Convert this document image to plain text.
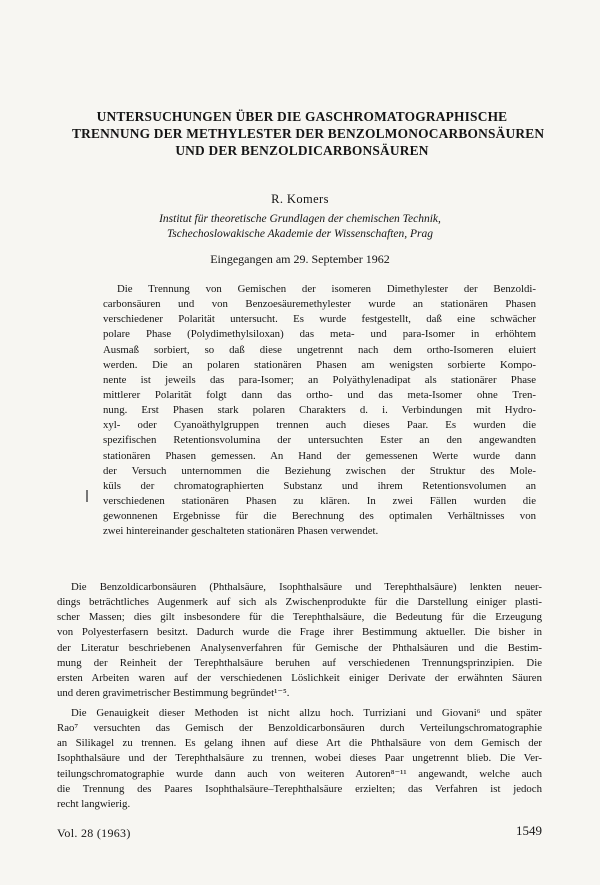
UNTERSUCHUNGEN ÜBER DIE GASCHROMATOGRAPHISCHE
TRENNUNG DER METHYLESTER DER BENZOLMONOCARBONSÄUREN
UND DER BENZOLDICARBONSÄUREN
R. Komers
Institut für theoretische Grundlagen der chemischen Technik,
Tschechoslowakische Akademie der Wissenschaften, Prag
Eingegangen am 29. September 1962
Die Trennung von Gemischen der isomeren Dimethylester der Benzoldi-
carbonsäuren und von Benzoesäuremethylester wurde an stationären Phasen
verschiedener Polarität untersucht. Es wurde festgestellt, daß eine schwächer
polare Phase (Polydimethylsiloxan) das meta- und para-Isomer in erhöhtem
Ausmaß sorbiert, so daß diese ungetrennt nach dem ortho-Isomeren eluiert
werden. Die an polaren stationären Phasen am wenigsten sorbierte Kompo-
nente ist jeweils das para-Isomer; an Polyäthylenadipat als stationärer Phase
mittlerer Polarität folgt dann das ortho- und das meta-Isomer ohne Tren-
nung. Erst Phasen stark polaren Charakters d. i. Verbindungen mit Hydro-
xyl- oder Cyanoäthylgruppen trennen auch dieses Paar. Es wurden die
spezifischen Retentionsvolumina der untersuchten Ester an den angewandten
stationären Phasen gemessen. An Hand der gemessenen Werte wurde dann
der Versuch unternommen die Beziehung zwischen der Struktur des Mole-
küls der chromatographierten Substanz und ihrem Retentionsvolumen an
verschiedenen stationären Phasen zu klären. In zwei Fällen wurden die
gewonnenen Ergebnisse für die Berechnung des optimalen Verhältnisses von
zwei hintereinander geschalteten stationären Phasen verwendet.
Die Benzoldicarbonsäuren (Phthalsäure, Isophthalsäure und Terephthalsäure) lenkten neuer-
dings beträchtliches Augenmerk auf sich als Zwischenprodukte für die Darstellung einiger plasti-
scher Massen; dies gilt insbesondere für die Terephthalsäure, die Bedeutung für die Erzeugung
von Polyesterfasern besitzt. Dadurch wurde die Frage ihrer Bestimmung aktueller. Die bisher in
der Literatur beschriebenen Analysenverfahren für Gemische der Phthalsäuren und die Bestim-
mung der Reinheit der Terephthalsäure beruhen auf verschiedenen Trennungsprinzipien. Die
ersten Arbeiten waren auf der verschiedenen Löslichkeit einiger Derivate der erwähnten Säuren
und deren gravimetrischer Bestimmung begründet¹⁻⁵.
Die Genauigkeit dieser Methoden ist nicht allzu hoch. Turriziani und Giovani⁶ und später
Rao⁷ versuchten das Gemisch der Benzoldicarbonsäuren durch Verteilungschromatographie
an Silikagel zu trennen. Es gelang ihnen auf diese Art die Phthalsäure von dem Gemisch der
Isophthalsäure und der Terephthalsäure zu trennen, wobei dieses Paar ungetrennt blieb. Die Ver-
teilungschromatographie wurde dann auch von weiteren Autoren⁸⁻¹¹ angewandt, welche auch
die Trennung des Paares Isophthalsäure–Terephthalsäure erzielten; das Verfahren ist jedoch
recht langwierig.
Vol. 28 (1963)	1549
